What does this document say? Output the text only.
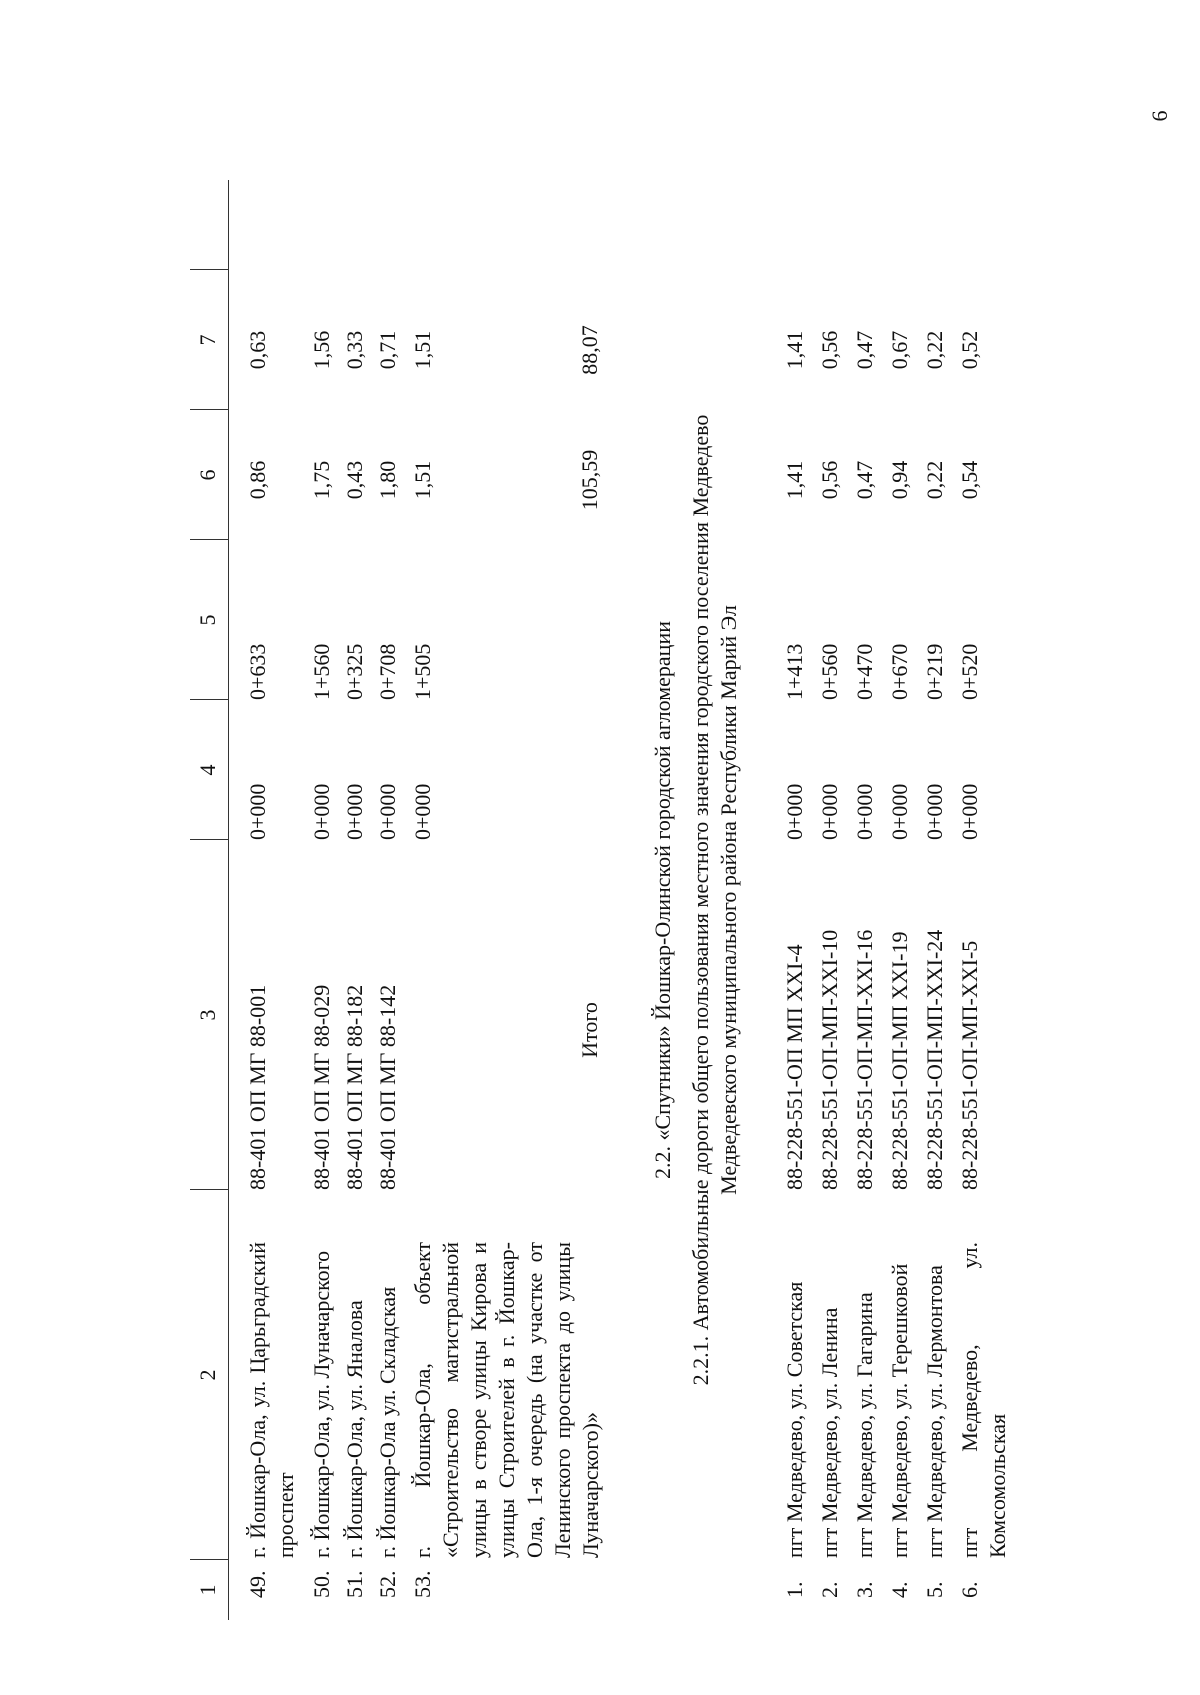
6
1
2
3
4
5
6
7
49.
г. Йошкар-Ола, ул. Царьградский проспект
88-401 ОП МГ 88-001
0+000
0+633
0,86
0,63
50.
г. Йошкар-Ола, ул. Луначарского
88-401 ОП МГ 88-029
0+000
1+560
1,75
1,56
51.
г. Йошкар-Ола, ул. Яналова
88-401 ОП МГ 88-182
0+000
0+325
0,43
0,33
52.
г. Йошкар-Ола ул. Складская
88-401 ОП МГ 88-142
0+000
0+708
1,80
0,71
53.
г. Йошкар-Ола, объект «Строительство магистральной улицы в створе улицы Кирова и улицы Строителей в г. Йошкар-Ола, 1-я очередь (на участке от Ленинского проспекта до улицы Луначарского)»
0+000
1+505
1,51
1,51
Итого
105,59
88,07
2.2. «Спутники» Йошкар-Олинской городской агломерации 2.2.1. Автомобильные дороги общего пользования местного значения городского поселения Медведево Медведевского муниципального района Республики Марий Эл
1.
пгт Медведево, ул. Советская
88-228-551-ОП МП XXI-4
0+000
1+413
1,41
1,41
2.
пгт Медведево, ул. Ленина
88-228-551-ОП-МП-XXI-10
0+000
0+560
0,56
0,56
3.
пгт Медведево, ул. Гагарина
88-228-551-ОП-МП-XXI-16
0+000
0+470
0,47
0,47
4.
пгт Медведево, ул. Терешковой
88-228-551-ОП-МП XXI-19
0+000
0+670
0,94
0,67
5.
пгт Медведево, ул. Лермонтова
88-228-551-ОП-МП-XXI-24
0+000
0+219
0,22
0,22
6.
пгт Медведево, ул. Комсомольская
88-228-551-ОП-МП-XXI-5
0+000
0+520
0,54
0,52
